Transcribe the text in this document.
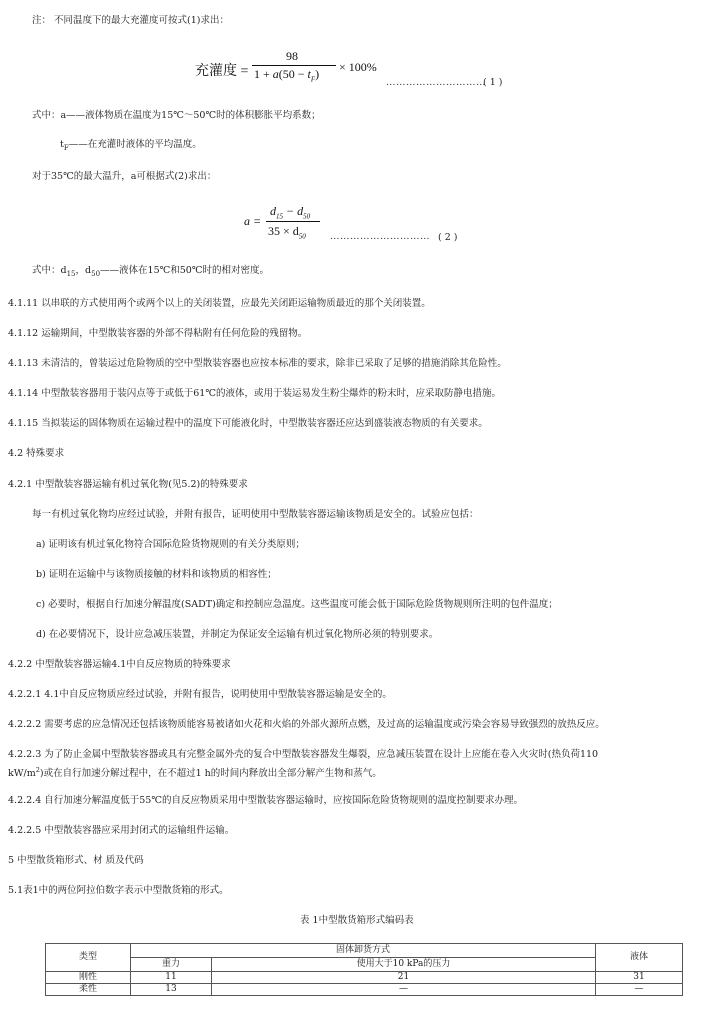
注： 不同温度下的最大充灌度可按式(1)求出：
充灌度 =
98
$1 + a(50 - t_F) \times 100\%$
…………………………
( 1 )
式中：a——液体物质在温度为15℃～50℃时的体积膨胀平均系数；
$t_F——$在充灌时液体的平均温度。
对于35℃的最大温升，a可根据式(2)求出：
a =
$d_{15} - d_{50}$
$35 \times d_{50}$	………………………… ( 2 )
式中：$d_{15}$，$d_{50}——$液体在15℃和50℃时的相对密度。
4.1.11 以串联的方式使用两个或两个以上的关闭装置，应最先关闭距运输物质最近的那个关闭装置。
4.1.12 运输期间，中型散装容器的外部不得粘附有任何危险的残留物。
4.1.13 未清洁的，曾装运过危险物质的空中型散装容器也应按本标准的要求，除非已采取了足够的措施消除其危险性。
4.1.14 中型散装容器用于装闪点等于或低于61℃的液体，或用于装运易发生粉尘爆炸的粉末时，应采取防静电措施。
4.1.15 当拟装运的固体物质在运输过程中的温度下可能液化时，中型散装容器还应达到盛装液态物质的有关要求。
4.2 特殊要求
4.2.1 中型散装容器运输有机过氧化物(见5.2)的特殊要求
每一有机过氧化物均应经过试验，并附有报告，证明使用中型散装容器运输该物质是安全的。试验应包括：
a) 证明该有机过氧化物符合国际危险货物规则的有关分类原则；
b) 证明在运输中与该物质接触的材料和该物质的相容性；
c) 必要时，根据自行加速分解温度(SADT)确定和控制应急温度。这些温度可能会低于国际危险货物规则所注明的包件温度；
d) 在必要情况下，设计应急减压装置，并制定为保证安全运输有机过氧化物所必须的特别要求。
4.2.2 中型散装容器运输4.1中自反应物质的特殊要求
4.2.2.1 4.1中自反应物质应经过试验，并附有报告，说明使用中型散装容器运输是安全的。
4.2.2.2 需要考虑的应急情况还包括该物质能容易被诸如火花和火焰的外部火源所点燃，及过高的运输温度或污染会容易导致强烈的放热反应。
4.2.2.3 为了防止金属中型散装容器或具有完整金属外壳的复合中型散装容器发生爆裂，应急减压装置在设计上应能在卷入火灾时(热负荷110
$kW/m^2$)或在自行加速分解过程中，在不超过1 h的时间内释放出全部分解产生物和蒸气。
4.2.2.4 自行加速分解温度低于55℃的自反应物质采用中型散装容器运输时，应按国际危险货物规则的温度控制要求办理。
4.2.2.5 中型散装容器应采用封闭式的运输组件运输。
5 中型散货箱形式、材 质及代码
5.1表1中的两位阿拉伯数字表示中型散货箱的形式。
表 1中型散货箱形式编码表
类型	固体卸货方式		液体
	重力	使用大于10 kPa的压力	
刚性	11	21	31
柔性	13	—	—
